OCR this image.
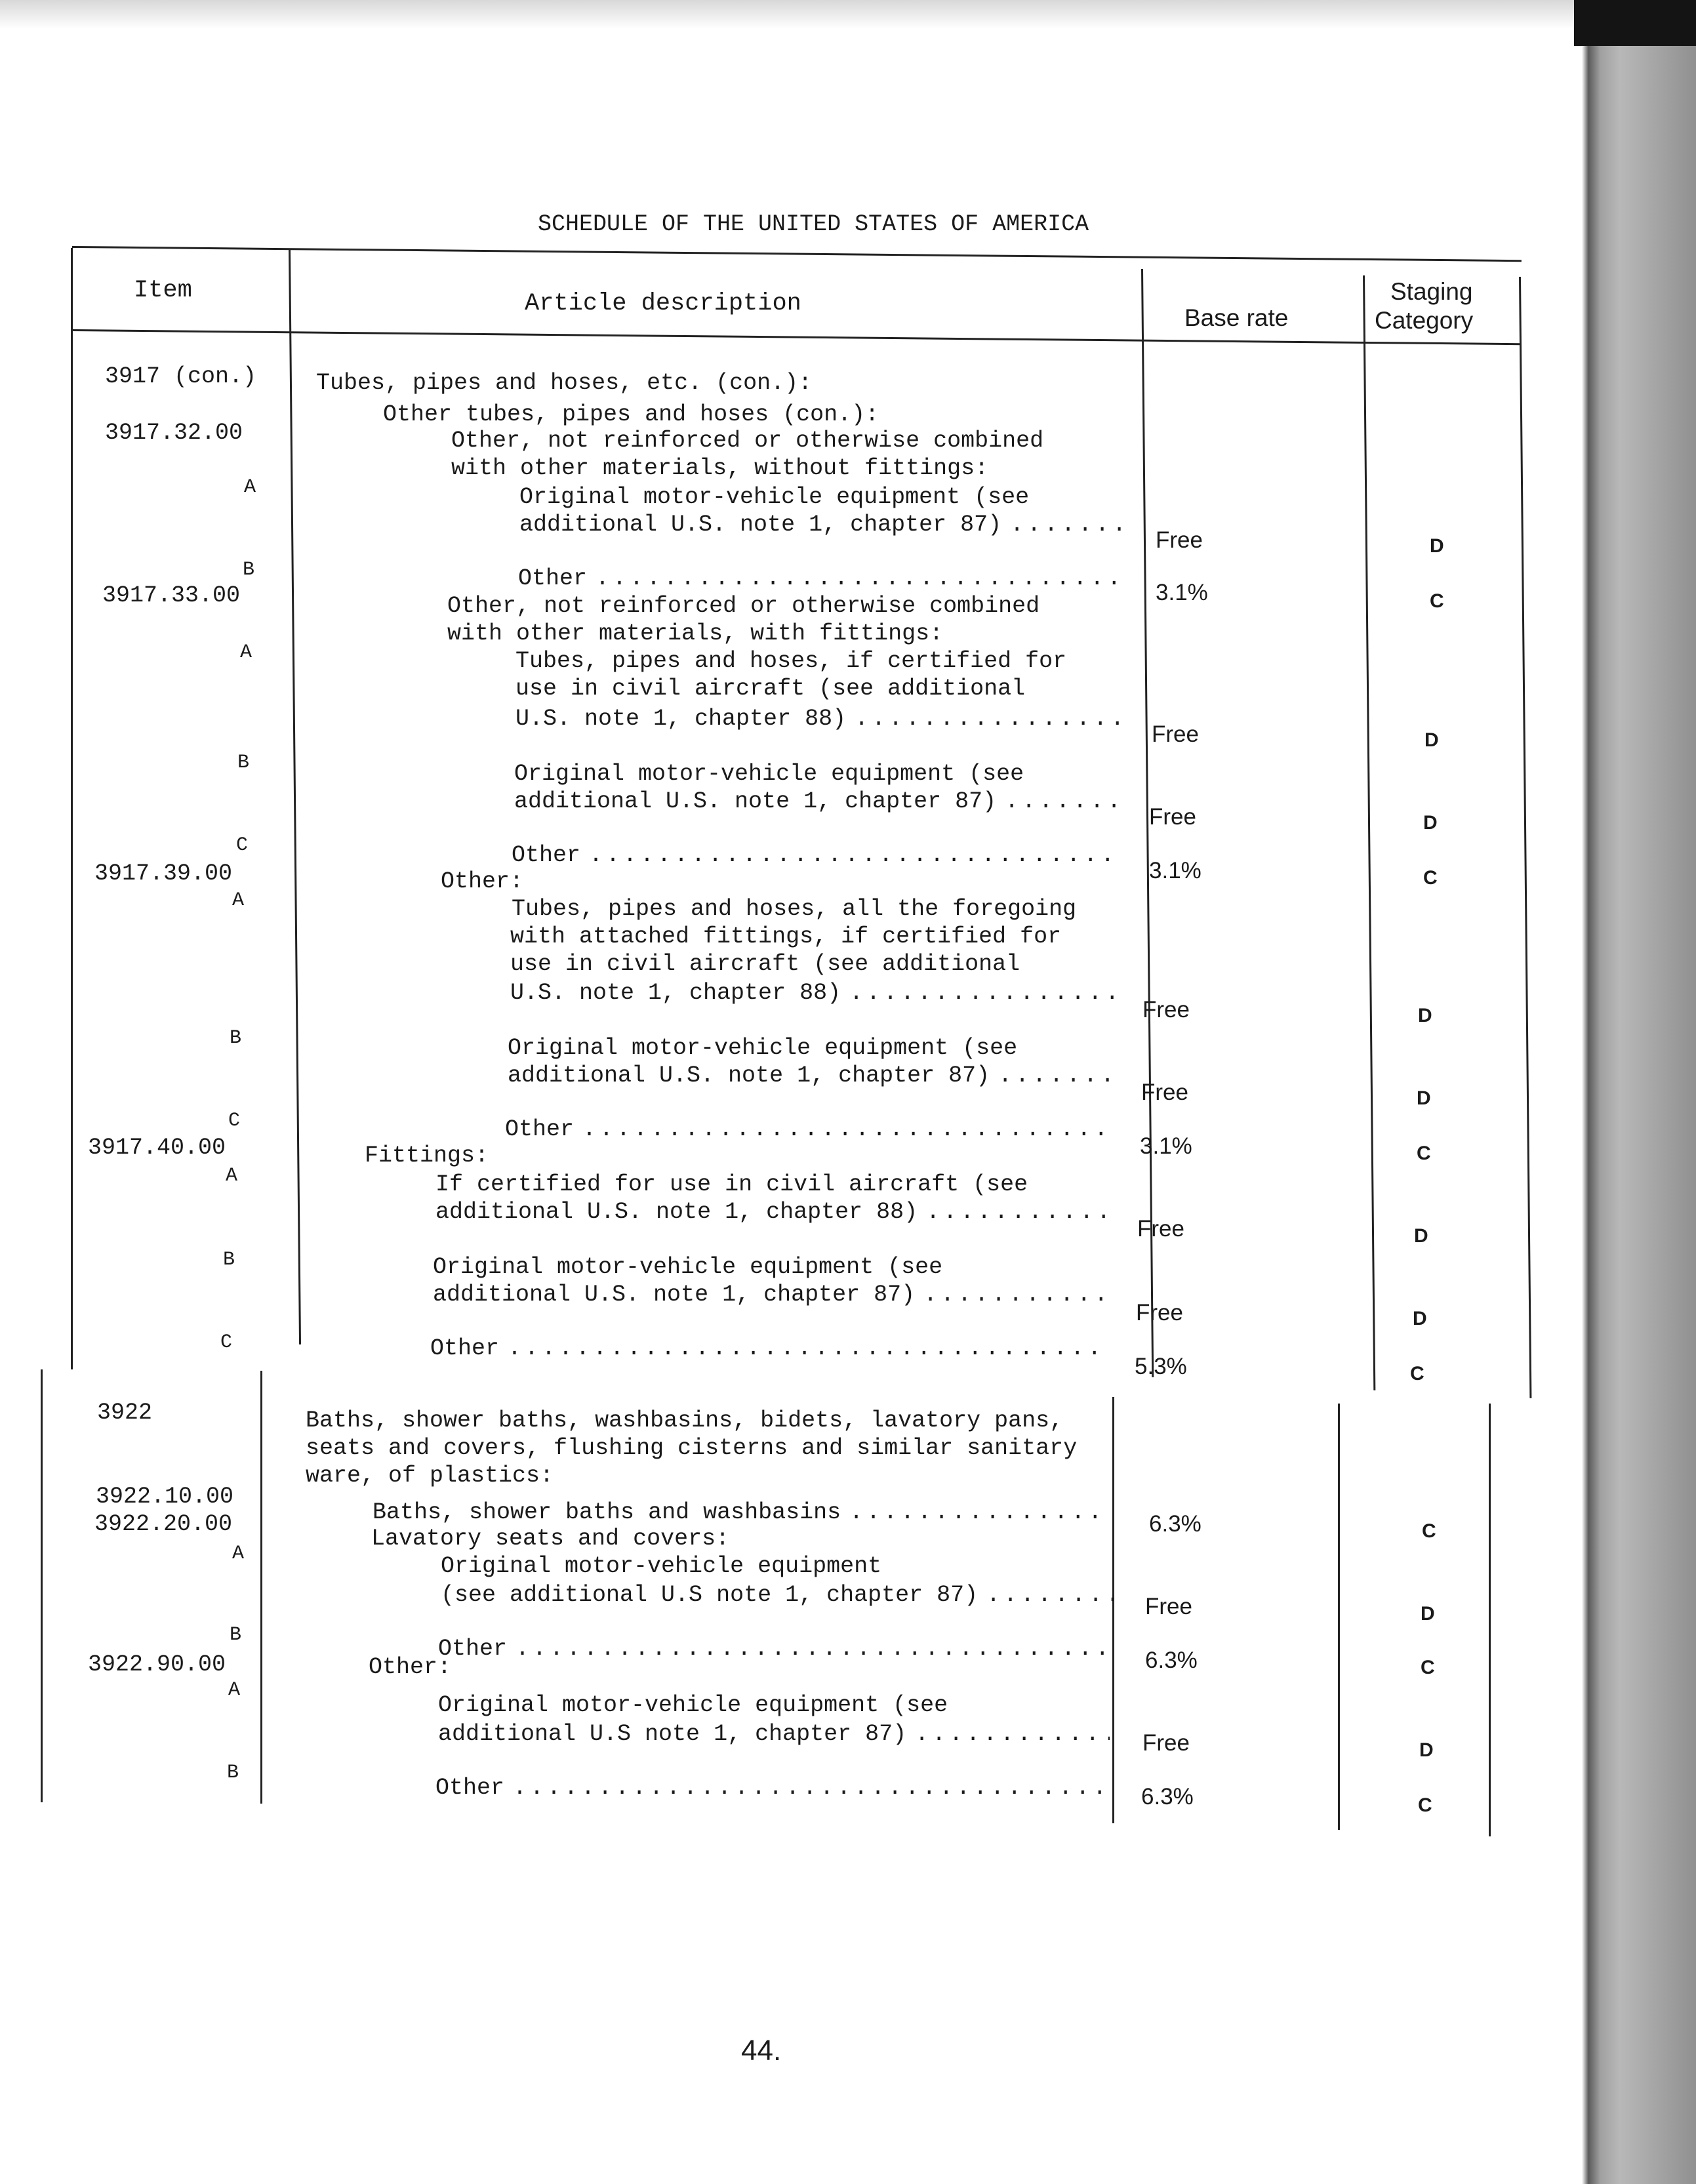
SCHEDULE OF THE UNITED STATES OF AMERICA
Item	Article description
Base rate
Staging
Category
3917 (con.)
3917.32.00
3917.33.00
3917.39.00
3917.40.00
3922
3922.10.00
3922.20.00
3922.90.00
A
B
A
B
C
A
B
C
A
B
C
A
B
A
B
Tubes, pipes and hoses, etc. (con.):
Other tubes, pipes and hoses (con.):
Other, not reinforced or otherwise combined
with other materials, without fittings:
Original motor-vehicle equipment (see
additional U.S. note 1, chapter 87) . . .
Other . . .
Other, not reinforced or otherwise combined
with other materials, with fittings:
Tubes, pipes and hoses, if certified for
use in civil aircraft (see additional
U.S. note 1, chapter 88) . . .
Original motor-vehicle equipment (see
additional U.S. note 1, chapter 87) . . .
Other . . .
Other:
Tubes, pipes and hoses, all the foregoing
with attached fittings, if certified for
use in civil aircraft (see additional
U.S. note 1, chapter 88) . . .
Original motor-vehicle equipment (see
additional U.S. note 1, chapter 87) . . .
Other . . .
Fittings:
If certified for use in civil aircraft (see
additional U.S. note 1, chapter 88) . . .
Original motor-vehicle equipment (see
additional U.S. note 1, chapter 87) . . .
Other . . .
Baths, shower baths, washbasins, bidets, lavatory pans,
seats and covers, flushing cisterns and similar sanitary
ware, of plastics:
Baths, shower baths and washbasins . . .
Lavatory seats and covers:
Original motor-vehicle equipment
(see additional U.S note 1, chapter 87) . . .
Other . . .
Other:
Original motor-vehicle equipment (see
additional U.S note 1, chapter 87) . . .
Other . . .
Free
3.1%
Free
Free
3.1%
Free
Free
3.1%
Free
Free
5.3%
6.3%
Free
6.3%
Free
6.3%
D
C
D
D
C
D
D
C
D
D
C
C
D
C
D
C
44.
